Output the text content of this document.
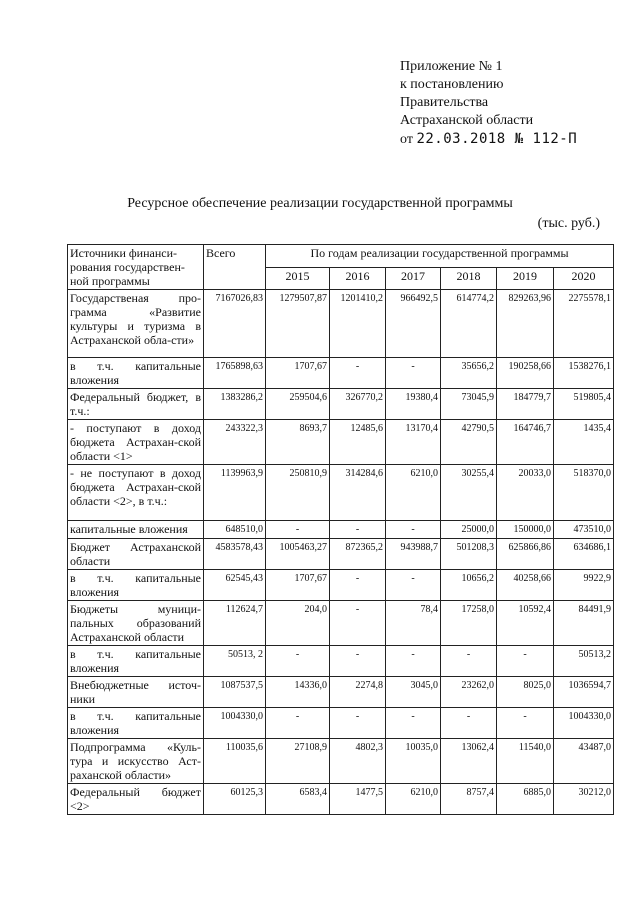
Приложение № 1
к постановлению
Правительства
Астраханской области
от 22.03.2018 № 112-П
Ресурсное обеспечение реализации государственной программы
(тыс. руб.)
Источники финанси-рования государствен-ной программы	Всего	По годам реализации государственной программы					
		2015	2016	2017	2018	2019	2020
Государственая про-грамма «Развитие культуры и туризма в Астраханской обла-сти»	7167026,83	1279507,87	1201410,2	966492,5	614774,2	829263,96	2275578,1
в т.ч. капитальные вложения	1765898,63	1707,67	-	-	35656,2	190258,66	1538276,1
Федеральный бюджет, в т.ч.:	1383286,2	259504,6	326770,2	19380,4	73045,9	184779,7	519805,4
- поступают в доход бюджета Астрахан-ской области <1>	243322,3	8693,7	12485,6	13170,4	42790,5	164746,7	1435,4
- не поступают в доход бюджета Астрахан-ской области <2>, в т.ч.:	1139963,9	250810,9	314284,6	6210,0	30255,4	20033,0	518370,0
капитальные вложения	648510,0	-	-	-	25000,0	150000,0	473510,0
Бюджет Астраханской области	4583578,43	1005463,27	872365,2	943988,7	501208,3	625866,86	634686,1
в т.ч. капитальные вложения	62545,43	1707,67	-	-	10656,2	40258,66	9922,9
Бюджеты муници-пальных образований Астраханской области	112624,7	204,0	-	78,4	17258,0	10592,4	84491,9
в т.ч. капитальные вложения	50513, 2	-	-	-	-	-	50513,2
Внебюджетные источ-ники	1087537,5	14336,0	2274,8	3045,0	23262,0	8025,0	1036594,7
в т.ч. капитальные вложения	1004330,0	-	-	-	-	-	1004330,0
Подпрограмма «Куль-тура и искусство Аст-раханской области»	110035,6	27108,9	4802,3	10035,0	13062,4	11540,0	43487,0
Федеральный бюджет <2>	60125,3	6583,4	1477,5	6210,0	8757,4	6885,0	30212,0
